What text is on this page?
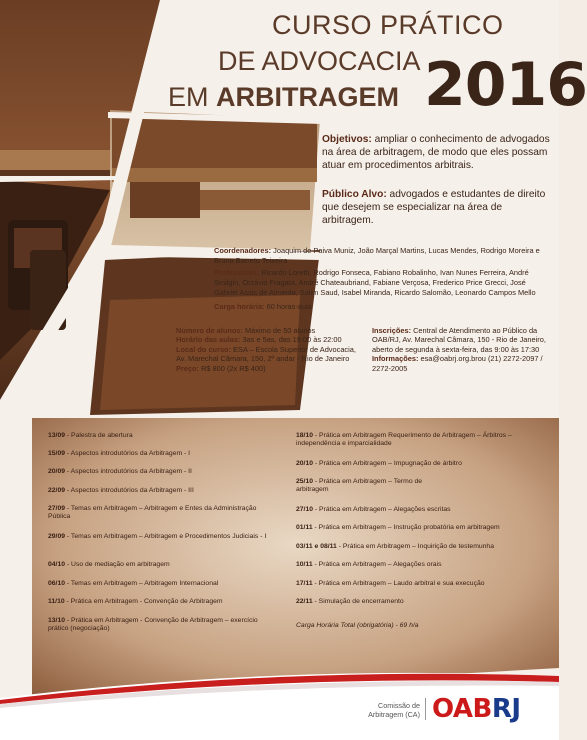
CURSO PRÁTICO
DE ADVOCACIA
EM ARBITRAGEM 2016
Objetivos: ampliar o conhecimento de advogados na área de arbitragem, de modo que eles possam atuar em procedimentos arbitrais.
Público Alvo: advogados e estudantes de direito que desejem se especializar na área de arbitragem.

Coordenadores: Joaquim de Paiva Muniz, João Marçal Martins, Lucas Mendes, Rodrigo Moreira e Bruno Barreto Teixeira

Professores: Ricardo Loretti, Rodrigo Fonseca, Fabiano Robalinho, Ivan Nunes Ferreira, André Smilgin, Octávio Fragata, André Chateaubriand, Fabiane Verçosa, Frederico Price Grecci, José Gabriel Assis de Almeida, Salim Saud, Isabel Miranda, Ricardo Salomão, Leonardo Campos Mello

Carga horária: 60 horas-aula

Número de alunos: Máximo de 50 alunos

Horário das aulas: 3as e 5as, das 19:00 às 22:00

Local do curso: ESA – Escola Superior de Advocacia, Av. Marechal Câmara, 150, 2º andar - Rio de Janeiro

Preço: R$ 800 (2x R$ 400)

Inscrições: Central de Atendimento ao Público da OAB/RJ, Av. Marechal Câmara, 150 - Rio de Janeiro, aberto de segunda à sexta-feira, das 9:00 às 17:30

Informações: esa@oabrj.org.brou (21) 2272-2097 / 2272-2005

13/09 - Palestra de abertura
15/09 - Aspectos introdutórios da Arbitragem - I
20/09 - Aspectos introdutórios da Arbitragem - II
22/09 - Aspectos introdutórios da Arbitragem - III
27/09 - Temas em Arbitragem – Arbitragem e Entes da Administração Pública
29/09 - Temas em Arbitragem – Arbitragem e Procedimentos Judiciais - I
04/10 - Uso de mediação em arbitragem
06/10 - Temas em Arbitragem – Arbitragem Internacional
11/10 - Prática em Arbitragem - Convenção de Arbitragem
13/10 - Prática em Arbitragem - Convenção de Arbitragem – exercício prático (negociação)
18/10 - Prática em Arbitragem Requerimento de Arbitragem – Árbitros – independência e imparcialidade
20/10 - Prática em Arbitragem – Impugnação de árbitro
25/10 - Prática em Arbitragem – Termo de arbitragem
27/10 - Prática em Arbitragem – Alegações escritas
01/11 - Prática em Arbitragem – Instrução probatória em arbitragem
03/11 e 08/11 - Prática em Arbitragem – Inquirição de testemunha
10/11 - Prática em Arbitragem – Alegações orais
17/11 - Prática em Arbitragem – Laudo arbitral e sua execução
22/11 - Simulação de encerramento
Carga Horária Total (obrigatória) - 69 h/a
Comissão de
Arbitragem (CA) OABRJ
